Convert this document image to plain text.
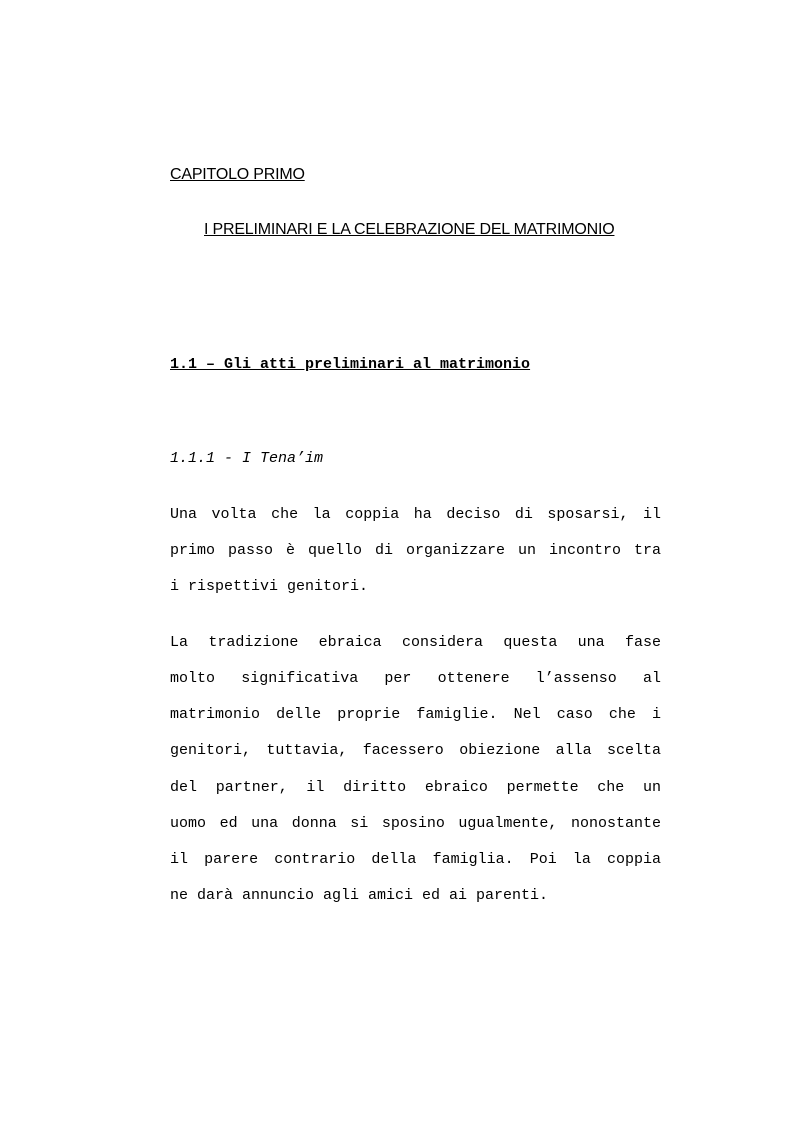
CAPITOLO PRIMO
I PRELIMINARI E LA CELEBRAZIONE DEL MATRIMONIO
1.1 – Gli atti preliminari al matrimonio
1.1.1 - I Tena’im
Una volta che la coppia ha deciso di sposarsi, il
primo passo è quello di organizzare un incontro tra
i rispettivi genitori.
La tradizione ebraica considera questa una fase
molto significativa per ottenere l’assenso al
matrimonio delle proprie famiglie. Nel caso che i
genitori, tuttavia, facessero obiezione alla scelta
del partner, il diritto ebraico permette che un
uomo ed una donna si sposino ugualmente, nonostante
il parere contrario della famiglia. Poi la coppia
ne darà annuncio agli amici ed ai parenti.
